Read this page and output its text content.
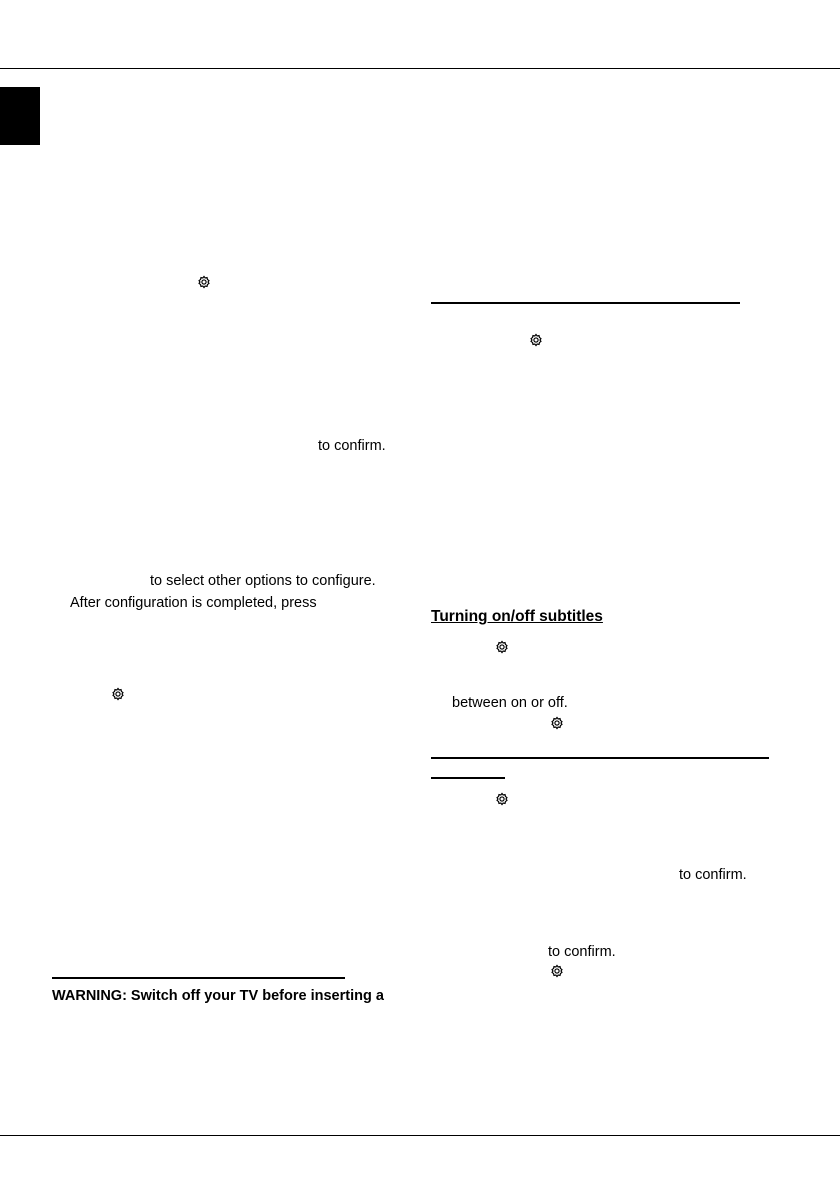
to confirm.
to select other options to configure.
After configuration is completed, press
WARNING: Switch off your TV before inserting a
Turning on/off subtitles
between on or off.
to confirm.
to confirm.
